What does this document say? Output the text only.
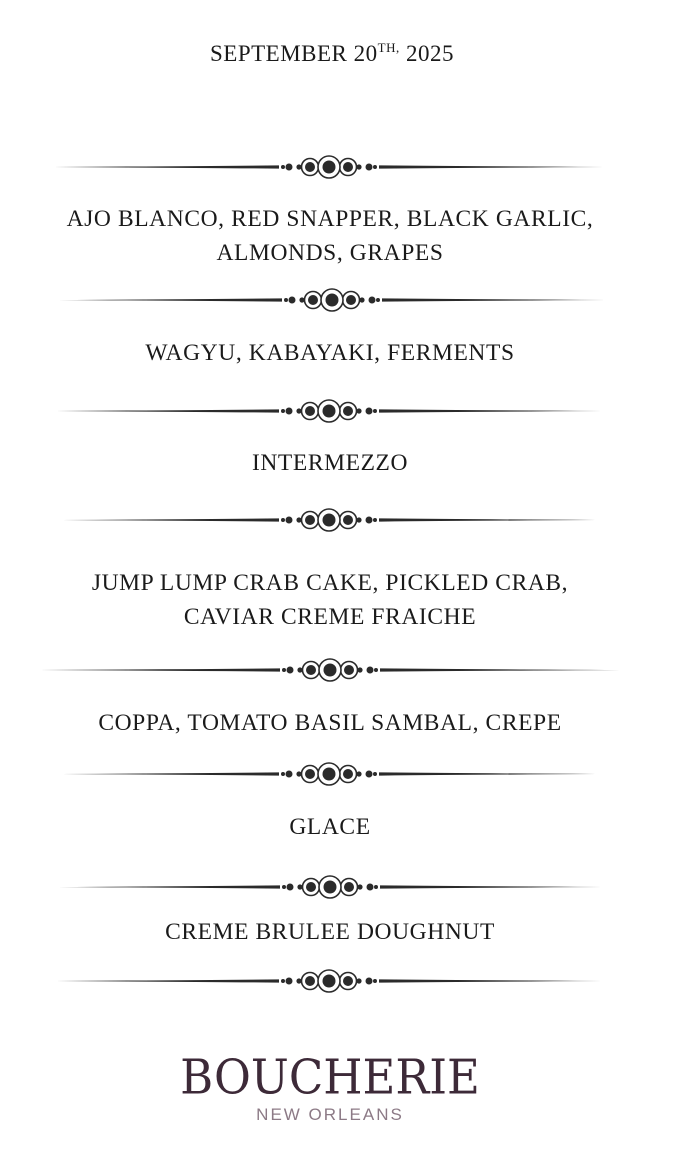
SEPTEMBER $20^{TH,}$ 2025
AJO BLANCO, RED SNAPPER, BLACK GARLIC,
ALMONDS, GRAPES
WAGYU, KABAYAKI, FERMENTS
INTERMEZZO
JUMP LUMP CRAB CAKE, PICKLED CRAB,
CAVIAR CREME FRAICHE
COPPA, TOMATO BASIL SAMBAL, CREPE
GLACE
CREME BRULEE DOUGHNUT
BOUCHERIE
NEW ORLEANS
